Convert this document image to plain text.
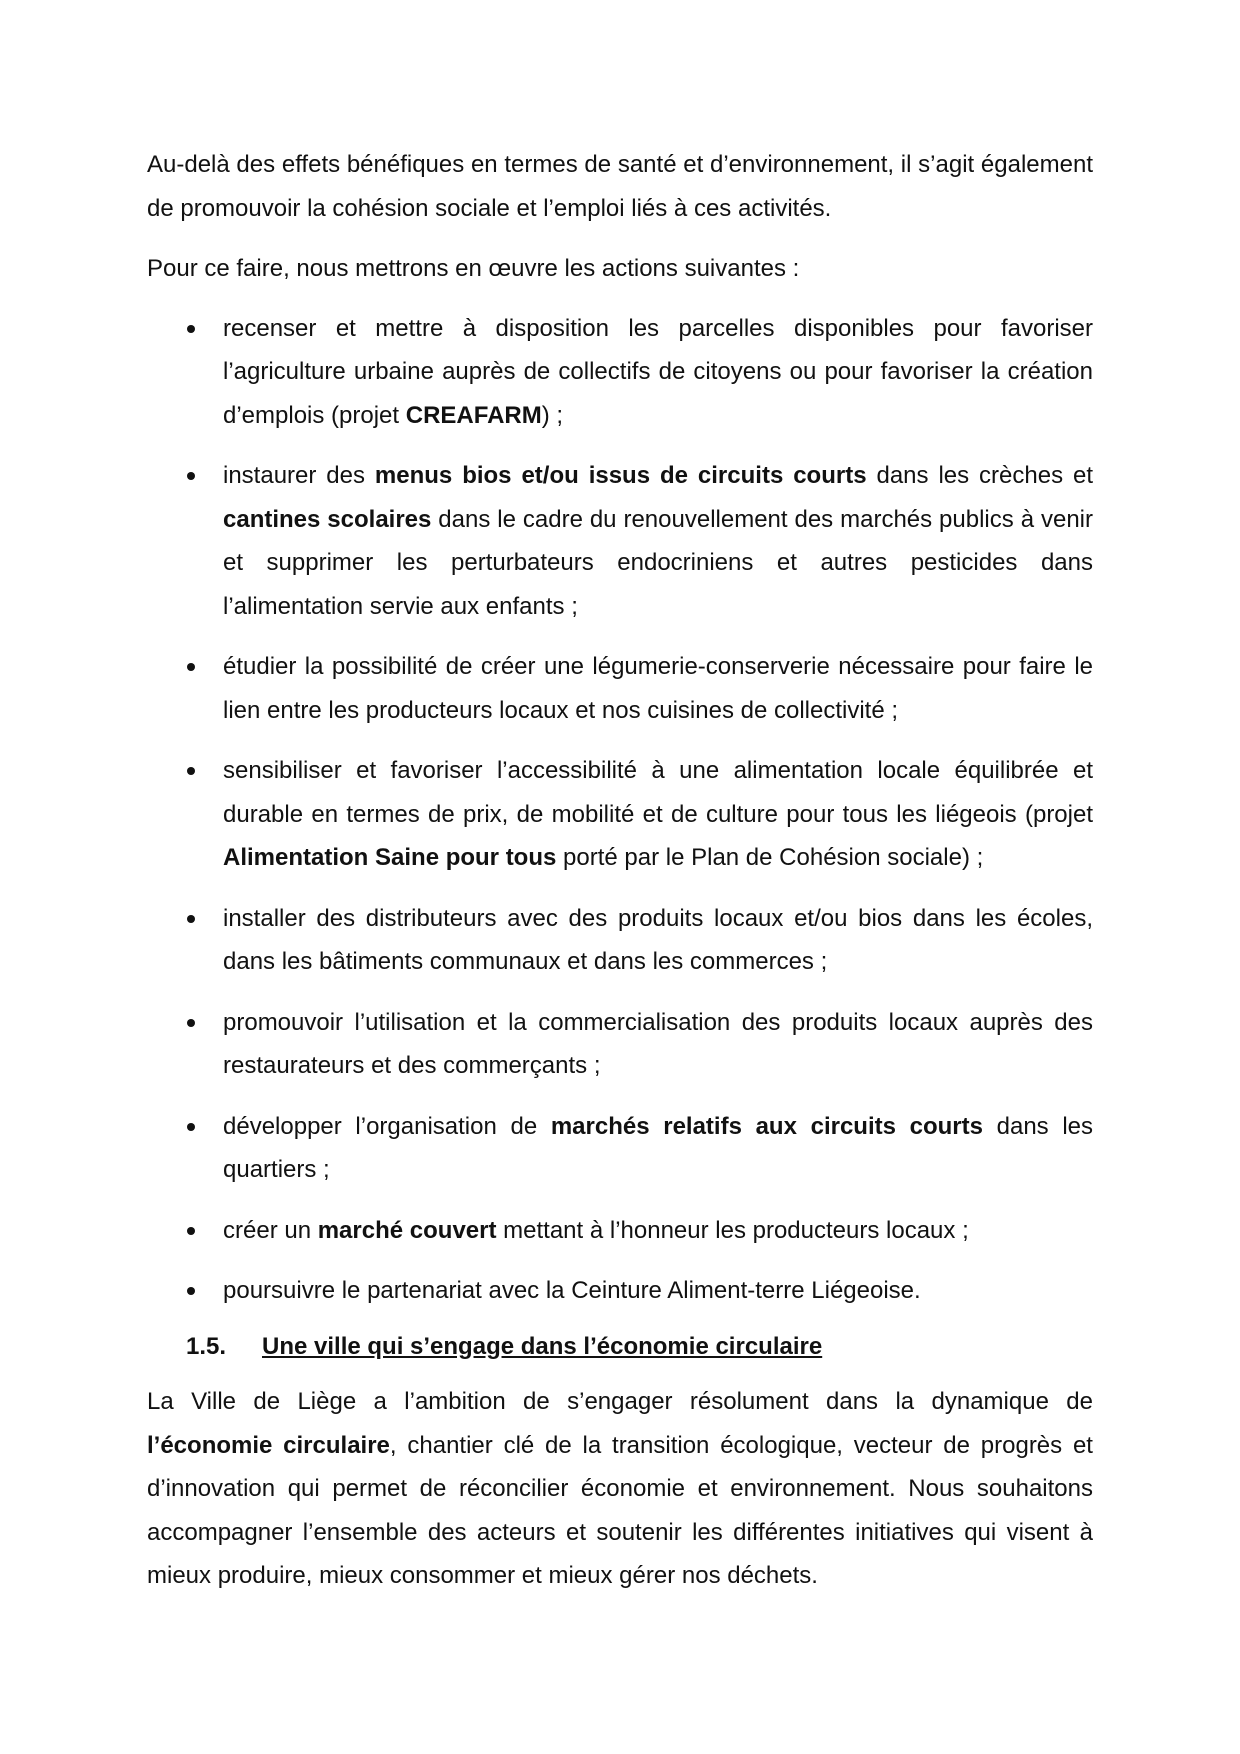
Au-delà des effets bénéfiques en termes de santé et d’environnement, il s’agit également de promouvoir la cohésion sociale et l’emploi liés à ces activités.

Pour ce faire, nous mettrons en œuvre les actions suivantes :

recenser et mettre à disposition les parcelles disponibles pour favoriser l’agriculture urbaine auprès de collectifs de citoyens ou pour favoriser la création d’emplois (projet CREAFARM) ;
instaurer des menus bios et/ou issus de circuits courts dans les crèches et cantines scolaires dans le cadre du renouvellement des marchés publics à venir et supprimer les perturbateurs endocriniens et autres pesticides dans l’alimentation servie aux enfants ;
étudier la possibilité de créer une légumerie-conserverie nécessaire pour faire le lien entre les producteurs locaux et nos cuisines de collectivité ;
sensibiliser et favoriser l’accessibilité à une alimentation locale équilibrée et durable en termes de prix, de mobilité et de culture pour tous les liégeois (projet Alimentation Saine pour tous porté par le Plan de Cohésion sociale) ;
installer des distributeurs avec des produits locaux et/ou bios dans les écoles, dans les bâtiments communaux et dans les commerces ;
promouvoir l’utilisation et la commercialisation des produits locaux auprès des restaurateurs et des commerçants ;
développer l’organisation de marchés relatifs aux circuits courts dans les quartiers ;
créer un marché couvert mettant à l’honneur les producteurs locaux ;
poursuivre le partenariat avec la Ceinture Aliment-terre Liégeoise.
1.5.	Une ville qui s’engage dans l’économie circulaire

La Ville de Liège a l’ambition de s’engager résolument dans la dynamique de l’économie circulaire, chantier clé de la transition écologique, vecteur de progrès et d’innovation qui permet de réconcilier économie et environnement. Nous souhaitons accompagner l’ensemble des acteurs et soutenir les différentes initiatives qui visent à mieux produire, mieux consommer et mieux gérer nos déchets.
